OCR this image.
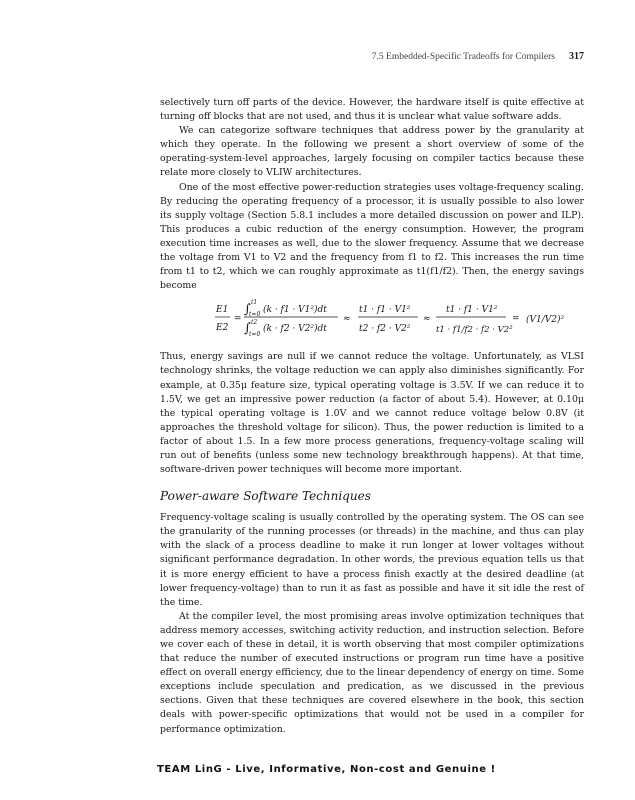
7.5 Embedded-Specific Tradeoffs for Compilers 317

selectively turn off parts of the device. However, the hardware itself is quite effective at turning off blocks that are not used, and thus it is unclear what value software adds.

We can categorize software techniques that address power by the granularity at which they operate. In the following we present a short overview of some of the operating-system-level approaches, largely focusing on compiler tactics because these relate more closely to VLIW architectures.

One of the most effective power-reduction strategies uses voltage-frequency scaling. By reducing the operating frequency of a processor, it is usually possible to also lower its supply voltage (Section 5.8.1 includes a more detailed discussion on power and ILP). This produces a cubic reduction of the energy consumption. However, the program execution time increases as well, due to the slower frequency. Assume that we decrease the voltage from V1 to V2 and the frequency from f1 to f2. This increases the run time from t1 to t2, which we can roughly approximate as t1(f1/f2). Then, the energy savings become

E1
E2
=
∫ t1
t=0 (k · f1 · V1²)dt
∫ t2
t=0
(k · f2 · V2²)dt
≈
t1 · f1 · V1²
t2 · f2 · V2²
≈
t1 · f1 · V1²
t1 · f1/f2 · f2 · V2²
= (V1/V2)²

Thus, energy savings are null if we cannot reduce the voltage. Unfortunately, as VLSI technology shrinks, the voltage reduction we can apply also diminishes significantly. For example, at 0.35μ feature size, typical operating voltage is 3.5V. If we can reduce it to 1.5V, we get an impressive power reduction (a factor of about 5.4). However, at 0.10μ the typical operating voltage is 1.0V and we cannot reduce voltage below 0.8V (it approaches the threshold voltage for silicon). Thus, the power reduction is limited to a factor of about 1.5. In a few more process generations, frequency-voltage scaling will run out of benefits (unless some new technology breakthrough happens). At that time, software-driven power techniques will become more important.

Power-aware Software Techniques

Frequency-voltage scaling is usually controlled by the operating system. The OS can see the granularity of the running processes (or threads) in the machine, and thus can play with the slack of a process deadline to make it run longer at lower voltages without significant performance degradation. In other words, the previous equation tells us that it is more energy efficient to have a process finish exactly at the desired deadline (at lower frequency-voltage) than to run it as fast as possible and have it sit idle the rest of the time.

At the compiler level, the most promising areas involve optimization techniques that address memory accesses, switching activity reduction, and instruction selection. Before we cover each of these in detail, it is worth observing that most compiler optimizations that reduce the number of executed instructions or program run time have a positive effect on overall energy efficiency, due to the linear dependency of energy on time. Some exceptions include speculation and predication, as we discussed in the previous sections. Given that these techniques are covered elsewhere in the book, this section deals with power-specific optimizations that would not be used in a compiler for performance optimization.

TEAM LinG - Live, Informative, Non-cost and Genuine !
